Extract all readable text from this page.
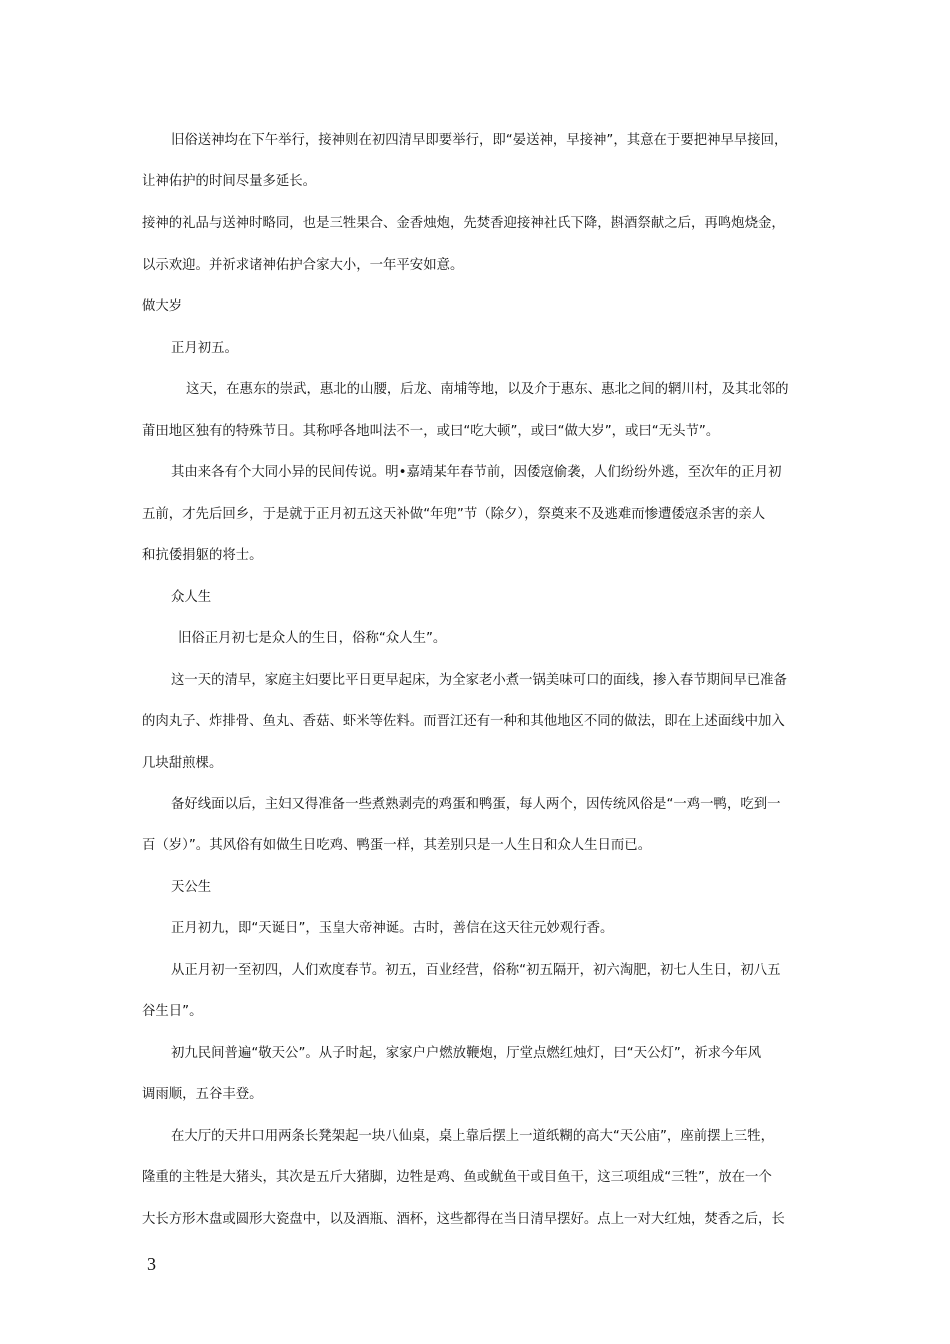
旧俗送神均在下午举行，接神则在初四清早即要举行，即“晏送神，早接神”，其意在于要把神早早接回，
让神佑护的时间尽量多延长。
接神的礼品与送神时略同，也是三牲果合、金香烛炮，先焚香迎接神社氏下降，斟酒祭献之后，再鸣炮烧金，
以示欢迎。并祈求诸神佑护合家大小，一年平安如意。
做大岁
正月初五。
这天，在惠东的崇武，惠北的山腰，后龙、南埔等地，以及介于惠东、惠北之间的辋川村，及其北邻的
莆田地区独有的特殊节日。其称呼各地叫法不一，或曰“吃大顿”，或曰“做大岁”，或曰“无头节”。
其由来各有个大同小异的民间传说。明•嘉靖某年春节前，因倭寇偷袭，人们纷纷外逃，至次年的正月初
五前，才先后回乡，于是就于正月初五这天补做“年兜”节（除夕），祭奠来不及逃难而惨遭倭寇杀害的亲人
和抗倭捐躯的将士。
众人生
旧俗正月初七是众人的生日，俗称“众人生”。
这一天的清早，家庭主妇要比平日更早起床，为全家老小煮一锅美味可口的面线，掺入春节期间早已准备
的肉丸子、炸排骨、鱼丸、香菇、虾米等佐料。而晋江还有一种和其他地区不同的做法，即在上述面线中加入
几块甜煎棵。
备好线面以后，主妇又得准备一些煮熟剥壳的鸡蛋和鸭蛋，每人两个，因传统风俗是“一鸡一鸭，吃到一
百（岁）”。其风俗有如做生日吃鸡、鸭蛋一样，其差别只是一人生日和众人生日而已。
天公生
正月初九，即“天诞日”，玉皇大帝神诞。古时，善信在这天往元妙观行香。
从正月初一至初四，人们欢度春节。初五，百业经营，俗称“初五隔开，初六淘肥，初七人生日，初八五
谷生日”。
初九民间普遍“敬天公”。从子时起，家家户户燃放鞭炮，厅堂点燃红烛灯，曰“天公灯”，祈求今年风
调雨顺，五谷丰登。
在大厅的天井口用两条长凳架起一块八仙桌，桌上靠后摆上一道纸糊的高大“天公庙”，座前摆上三牲，
隆重的主牲是大猪头，其次是五斤大猪脚，边牲是鸡、鱼或鱿鱼干或目鱼干，这三项组成“三牲”，放在一个
大长方形木盘或圆形大瓷盘中，以及酒瓶、酒杯，这些都得在当日清早摆好。点上一对大红烛，焚香之后，长
3
